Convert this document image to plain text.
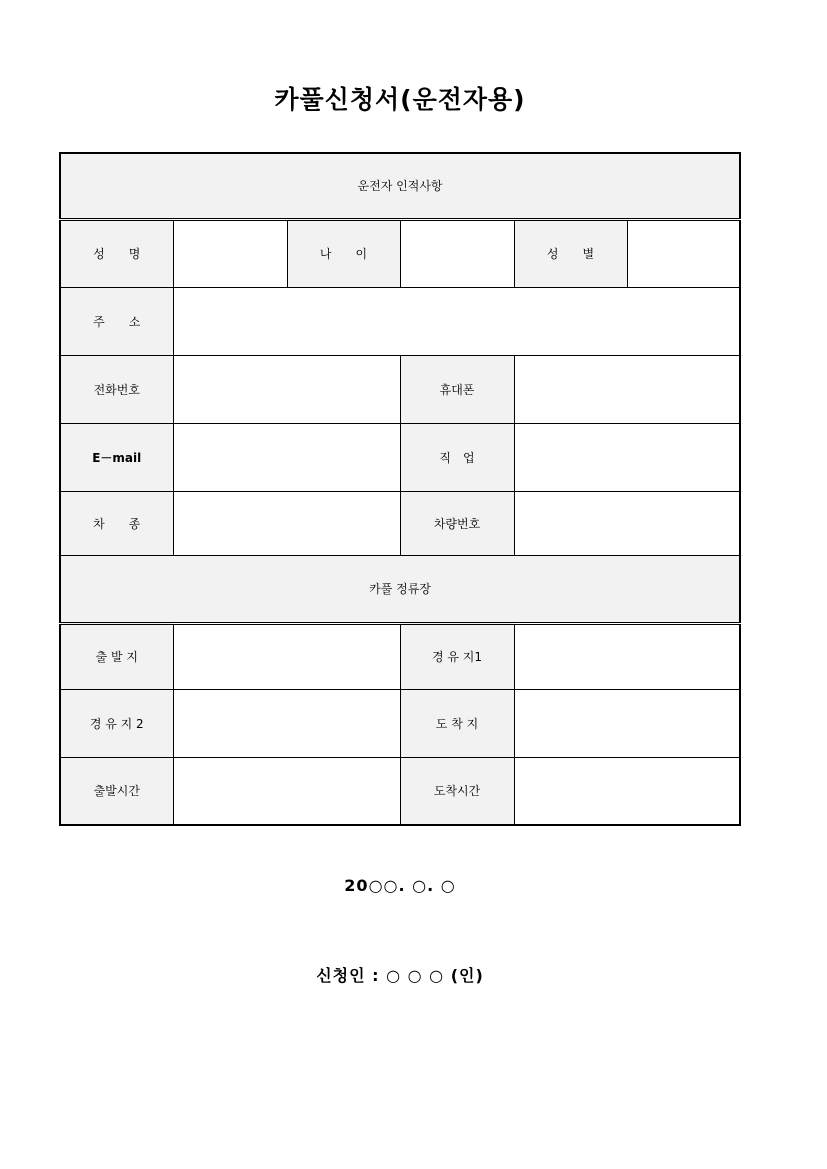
카풀신청서(운전자용)
운전자 인적사항					
성　　명		나　　이		성　　별	
주　　소					
전화번호			휴대폰		
E－mail			직　업		
차　　종			차량번호		
카풀 정류장					
출 발 지			경 유 지1		
경 유 지 2			도 착 지		
출발시간			도착시간		
20○○. ○. ○
신청인 : ○ ○ ○ (인)
